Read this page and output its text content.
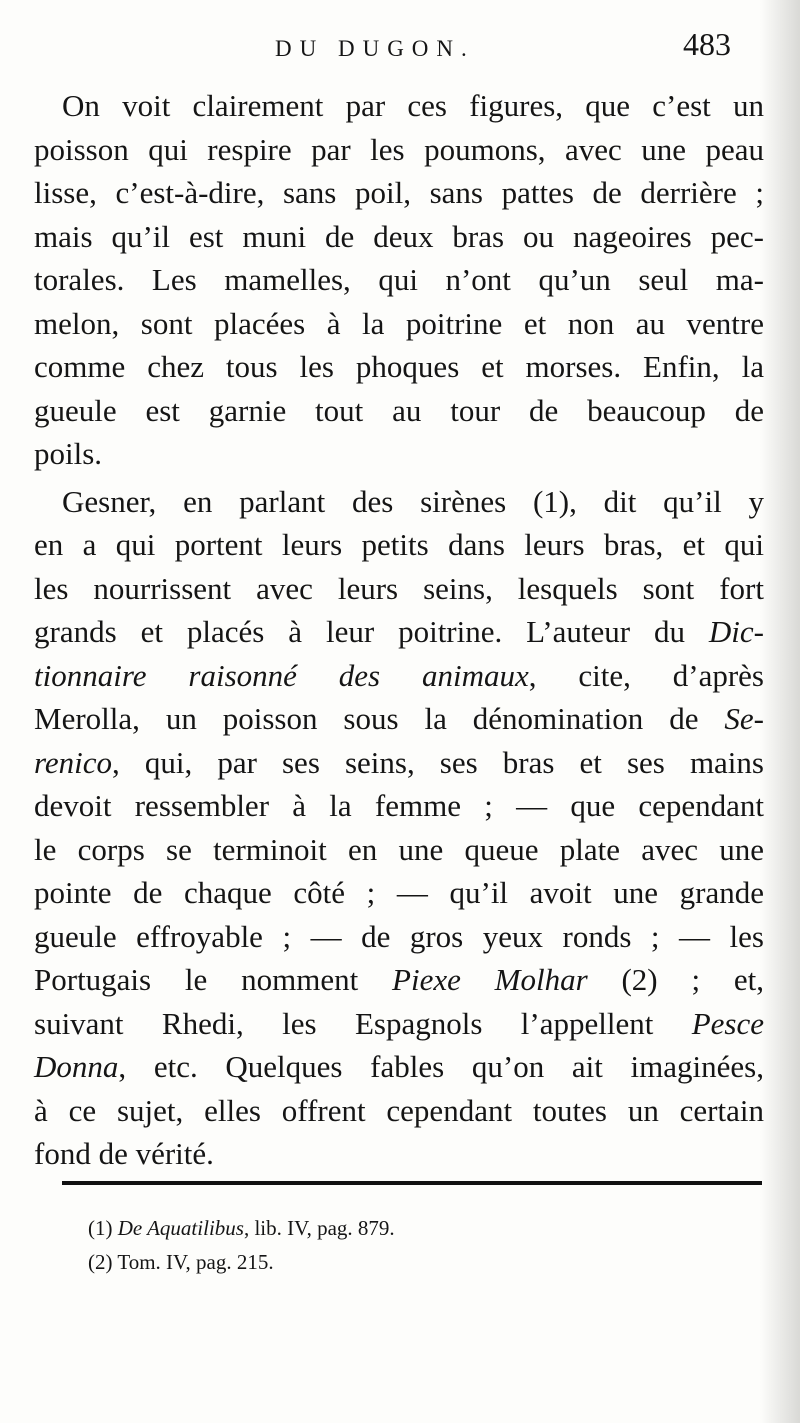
DU DUGON.	483
On voit clairement par ces figures, que c’est un
poisson qui respire par les poumons, avec une peau
lisse, c’est-à-dire, sans poil, sans pattes de derrière ;
mais qu’il est muni de deux bras ou nageoires pec-
torales. Les mamelles, qui n’ont qu’un seul ma-
melon, sont placées à la poitrine et non au ventre
comme chez tous les phoques et morses. Enfin, la
gueule est garnie tout au tour de beaucoup de
poils.
Gesner, en parlant des sirènes (1), dit qu’il y
en a qui portent leurs petits dans leurs bras, et qui
les nourrissent avec leurs seins, lesquels sont fort
grands et placés à leur poitrine. L’auteur du Dic-
tionnaire raisonné des animaux, cite, d’après
Merolla, un poisson sous la dénomination de Se-
renico, qui, par ses seins, ses bras et ses mains
devoit ressembler à la femme ; — que cependant
le corps se terminoit en une queue plate avec une
pointe de chaque côté ; — qu’il avoit une grande
gueule effroyable ; — de gros yeux ronds ; — les
Portugais le nomment Piexe Molhar (2) ; et,
suivant Rhedi, les Espagnols l’appellent Pesce
Donna, etc. Quelques fables qu’on ait imaginées,
à ce sujet, elles offrent cependant toutes un certain
fond de vérité.
(1) De Aquatilibus, lib. IV, pag. 879.
(2) Tom. IV, pag. 215.
